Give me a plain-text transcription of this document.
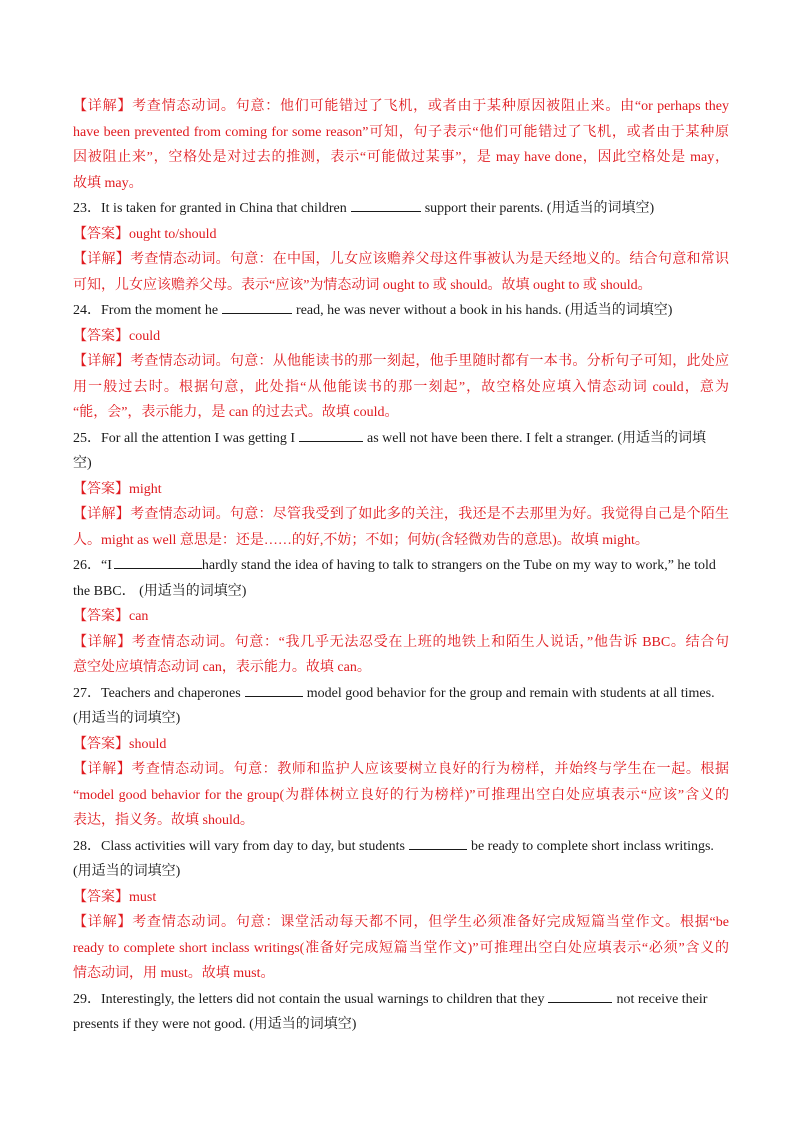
【详解】考查情态动词。句意：他们可能错过了飞机，或者由于某种原因被阻止来。由“or perhaps they
have been prevented from coming for some reason”可知，句子表示“他们可能错过了飞机，或者由于某种原
因被阻止来”，空格处是对过去的推测，表示“可能做过某事”，是 may have done，因此空格处是 may，
故填 may。
23．It is taken for granted in China that children	support their parents. (用适当的词填空)
【答案】ought to/should
【详解】考查情态动词。句意：在中国，儿女应该赡养父母这件事被认为是天经地义的。结合句意和常识
可知，儿女应该赡养父母。表示“应该”为情态动词 ought to 或 should。故填 ought to 或 should。
24．From the moment he	read, he was never without a book in his hands. (用适当的词填空)
【答案】could
【详解】考查情态动词。句意：从他能读书的那一刻起，他手里随时都有一本书。分析句子可知，此处应
用一般过去时。根据句意，此处指“从他能读书的那一刻起”，故空格处应填入情态动词 could，意为
“能，会”，表示能力，是 can 的过去式。故填 could。
25．For all the attention I was getting I	as well not have been there. I felt a stranger. (用适当的词填
空)
【答案】might
【详解】考查情态动词。句意：尽管我受到了如此多的关注，我还是不去那里为好。我觉得自己是个陌生
人。might as well 意思是：还是……的好,不妨；不如；何妨(含轻微劝告的意思)。故填 might。
26．“I	hardly stand the idea of having to talk to strangers on the Tube on my way to work,” he told
the BBC． (用适当的词填空)
【答案】can
【详解】考查情态动词。句意：“我几乎无法忍受在上班的地铁上和陌生人说话，”他告诉 BBC。结合句
意空处应填情态动词 can，表示能力。故填 can。
27．Teachers and chaperones	model good behavior for the group and remain with students at all times.
(用适当的词填空)
【答案】should
【详解】考查情态动词。句意：教师和监护人应该要树立良好的行为榜样，并始终与学生在一起。根据
“model good behavior for the group(为群体树立良好的行为榜样)”可推理出空白处应填表示“应该”含义的
表达，指义务。故填 should。
28．Class activities will vary from day to day, but students	be ready to complete short inclass writings.
(用适当的词填空)
【答案】must
【详解】考查情态动词。句意：课堂活动每天都不同，但学生必须准备好完成短篇当堂作文。根据“be
ready to complete short inclass writings(准备好完成短篇当堂作文)”可推理出空白处应填表示“必须”含义的
情态动词，用 must。故填 must。
29．Interestingly, the letters did not contain the usual warnings to children that they	not receive their
presents if they were not good. (用适当的词填空)
